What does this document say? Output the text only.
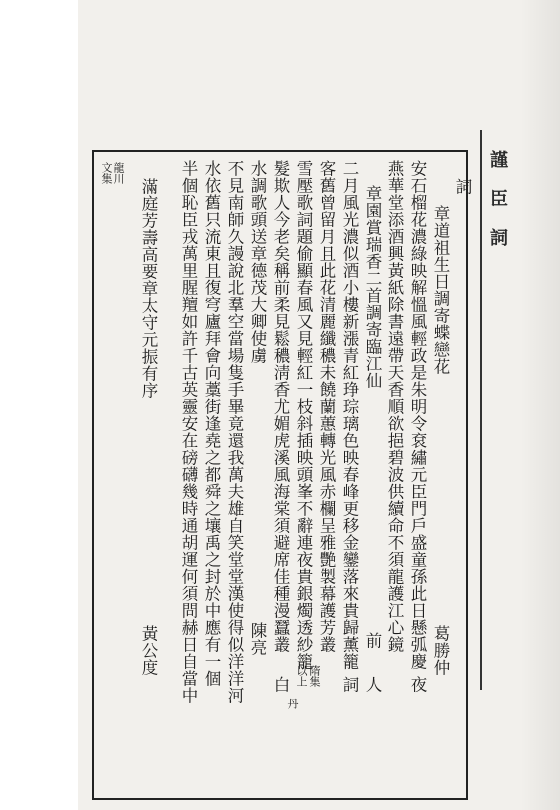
謹 臣 詞
詞
章道祖生日調寄蝶戀花
安石榴花濃綠映解慍風輕政是朱明令袞繡元臣門戶盛童孫此日懸弧慶
燕華堂添酒興黃紙除書遠帶天香順欲挹碧波供續命不須龍護江心鏡
章園賞瑞香二首調寄臨江仙
二月風光濃似酒小樓新漲青紅琤琮璃色映春峰更移金鑾落來貴歸薰籠
客舊曾留月且此花清麗纖穠未饒蘭蕙轉光風赤欄呈雅艷製幕護芳叢
雪壓歌詞題偷顯春風又見輕紅一枝斜插映頭峯不辭連夜貴銀燭透紗籠
髮欺人今老矣稱前柔見鬆穠淸香尤媚虎溪風海棠須避席佳種漫蠶叢
水調歌頭送章德茂大卿使虜
不見南師久謾說北羣空當場隻手畢竟還我萬夫雄自笑堂堂漢使得似洋洋河
水依舊只流東且復穹廬拜會向藁街逢堯之都舜之壤禹之封於中應有一個
半個恥臣戎萬里腥羶如許千古英靈安在磅礴幾時通胡運何須問赫日自當中
滿庭芳壽高要章太守元振有序
葛勝仲
夜
前
人
詞
白
陳亮
黃公度	以上 隋集
丹
龍川
文集
